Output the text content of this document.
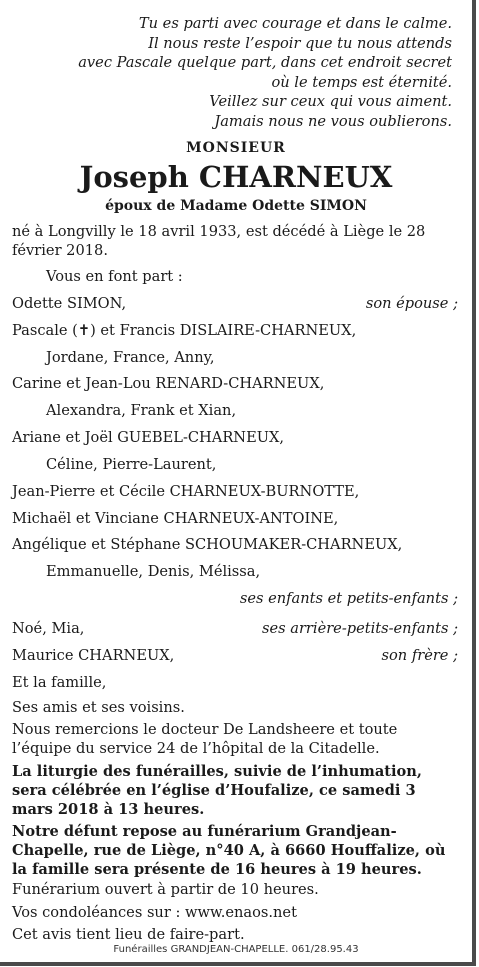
Tu es parti avec courage et dans le calme.
Il nous reste l’espoir que tu nous attends
avec Pascale quelque part, dans cet endroit secret
où le temps est éternité.
Veillez sur ceux qui vous aiment.
Jamais nous ne vous oublierons.
MONSIEUR
Joseph CHARNEUX
époux de Madame Odette SIMON
né à Longvilly le 18 avril 1933, est décédé à Liège le 28 février 2018.
Vous en font part :
Odette SIMON,	son épouse ;
Pascale (✝) et Francis DISLAIRE-CHARNEUX,
Jordane, France, Anny,
Carine et Jean-Lou RENARD-CHARNEUX,
Alexandra, Frank et Xian,
Ariane et Joël GUEBEL-CHARNEUX,
Céline, Pierre-Laurent,
Jean-Pierre et Cécile CHARNEUX-BURNOTTE,
Michaël et Vinciane CHARNEUX-ANTOINE,
Angélique et Stéphane SCHOUMAKER-CHARNEUX,
Emmanuelle, Denis, Mélissa,
ses enfants et petits-enfants ;
Noé, Mia,	ses arrière-petits-enfants ;
Maurice CHARNEUX,	son frère ;
Et la famille,
Ses amis et ses voisins.
Nous remercions le docteur De Landsheere et toute l’équipe du service 24 de l’hôpital de la Citadelle.
La liturgie des funérailles, suivie de l’inhumation, sera célébrée en l’église d’Houfalize, ce samedi 3 mars 2018 à 13 heures.
Notre défunt repose au funérarium Grandjean-Chapelle, rue de Liège, n°40 A, à 6660 Houffalize, où la famille sera présente de 16 heures à 19 heures.
Funérarium ouvert à partir de 10 heures.
Vos condoléances sur : www.enaos.net
Cet avis tient lieu de faire-part.
Funérailles GRANDJEAN-CHAPELLE. 061/28.95.43
